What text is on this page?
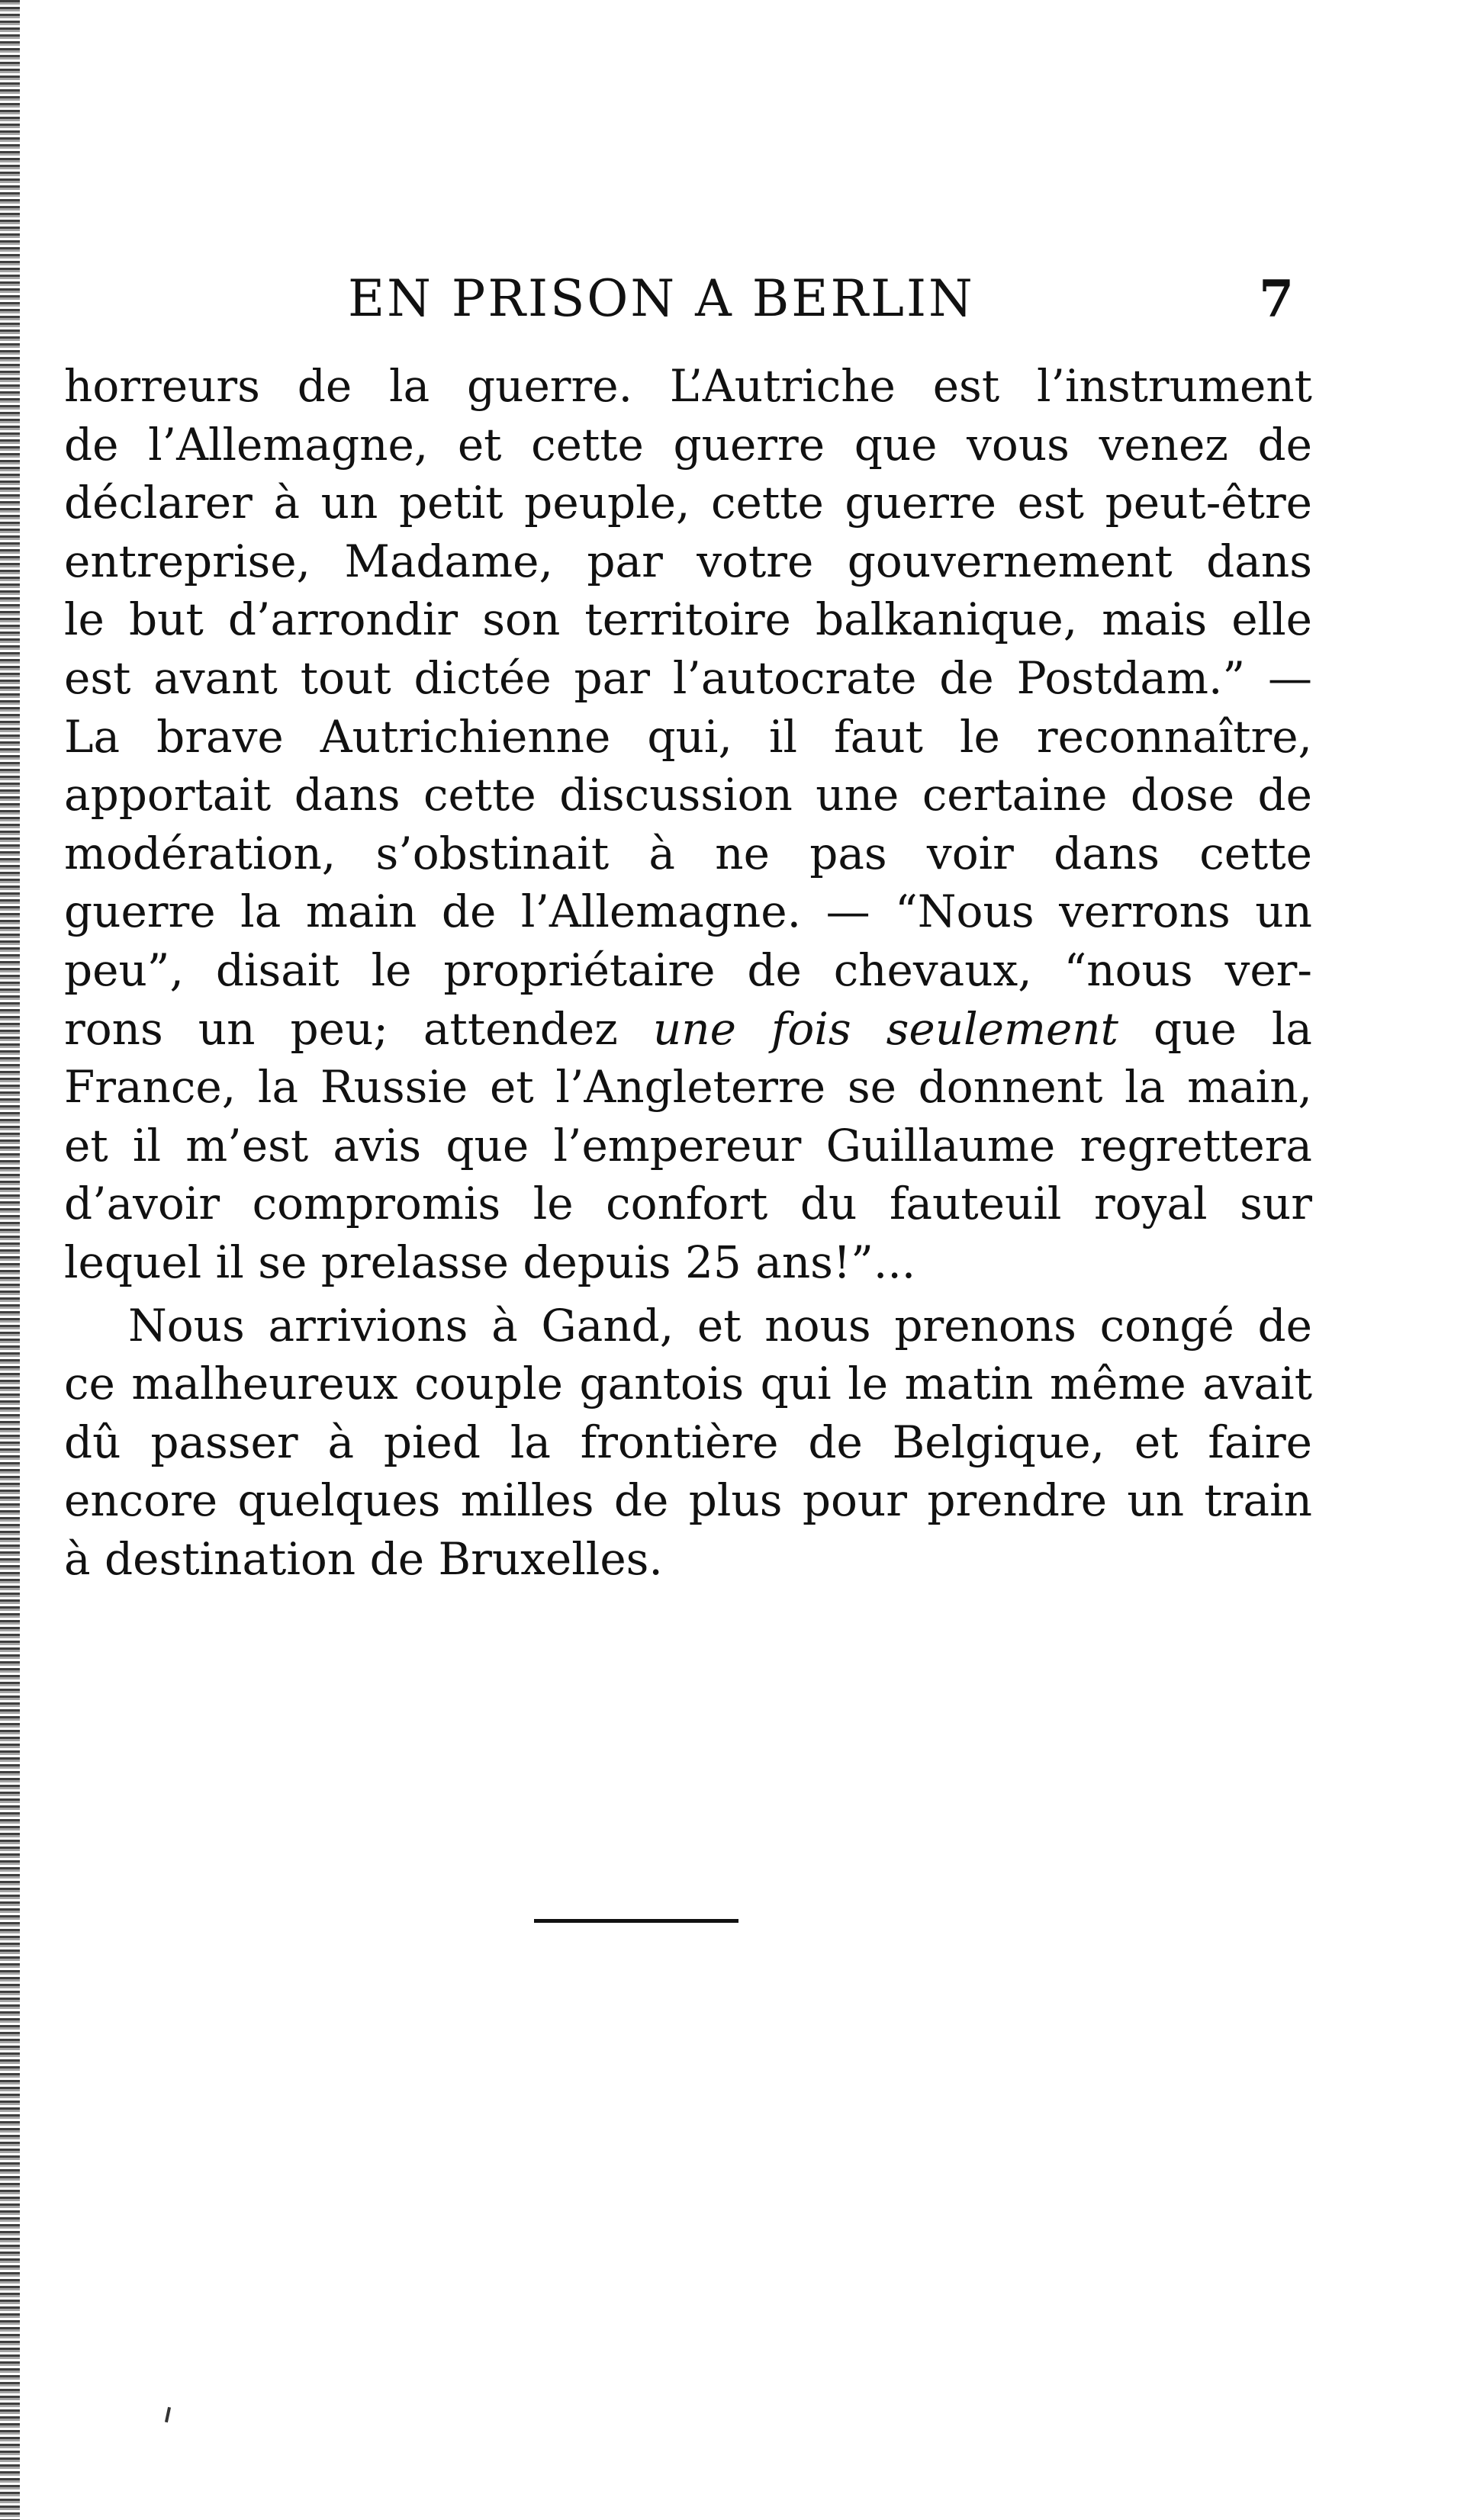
EN PRISON A BERLIN	7

horreurs de la guerre. L’Autriche est l’instrument
de l’Allemagne, et cette guerre que vous venez de
déclarer à un petit peuple, cette guerre est peut-être
entreprise, Madame, par votre gouvernement dans
le but d’arrondir son territoire balkanique, mais elle
est avant tout dictée par l’autocrate de Postdam.” —
La brave Autrichienne qui, il faut le reconnaître,
apportait dans cette discussion une certaine dose de
modération, s’obstinait à ne pas voir dans cette
guerre la main de l’Allemagne. — “Nous verrons un
peu”, disait le propriétaire de chevaux, “nous ver-
rons un peu; attendez une fois seulement que la
France, la Russie et l’Angleterre se donnent la main,
et il m’est avis que l’empereur Guillaume regrettera
d’avoir compromis le confort du fauteuil royal sur
lequel il se prelasse depuis 25 ans!”...

Nous arrivions à Gand, et nous prenons congé de
ce malheureux couple gantois qui le matin même avait
dû passer à pied la frontière de Belgique, et faire
encore quelques milles de plus pour prendre un train
à destination de Bruxelles.
